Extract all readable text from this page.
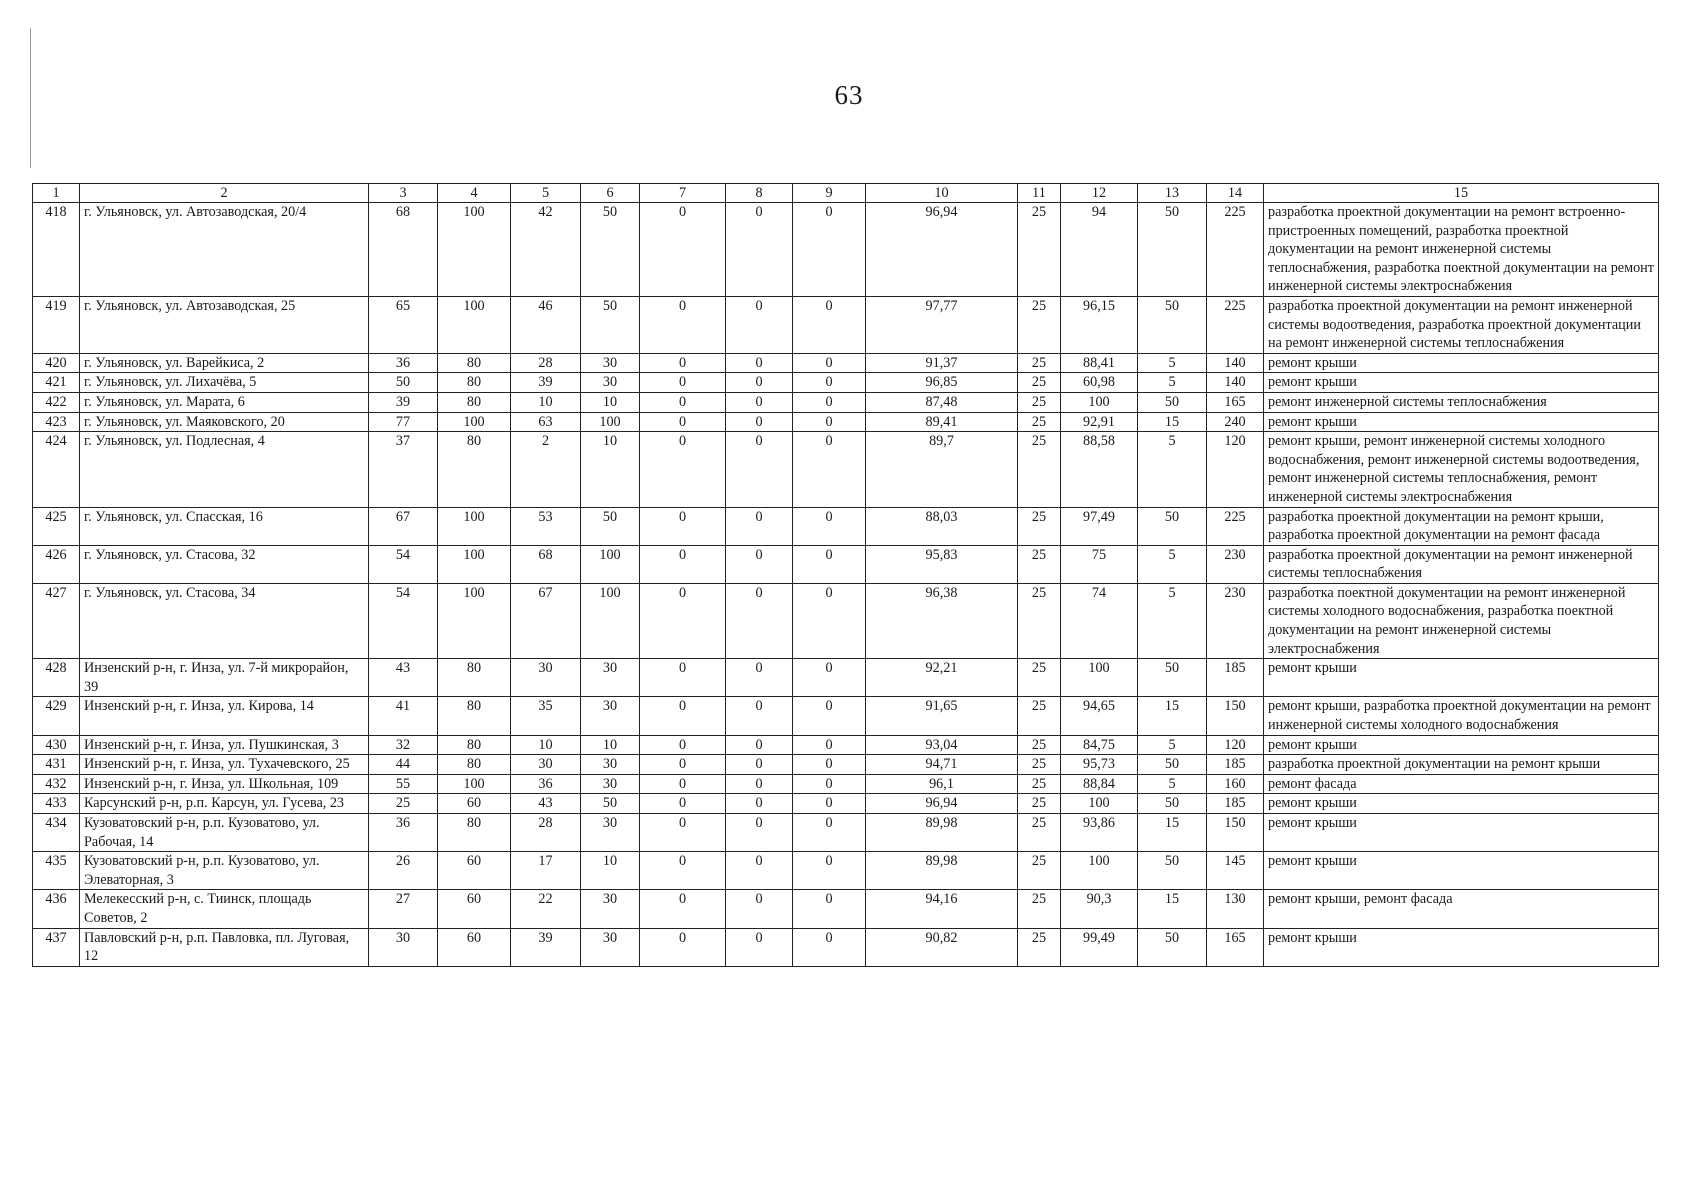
63
1	2	3	4	5	6	7	8	9	10	11	12	13	14	15
418	г. Ульяновск, ул. Автозаводская, 20/4	68	100	42	50	0	0	0	96,94	25	94	50	225	разработка проектной документации на ремонт встроенно-пристроенных помещений, разработка проектной документации на ремонт инженерной системы теплоснабжения, разработка поектной документации на ремонт инженерной системы электроснабжения
419	г. Ульяновск, ул. Автозаводская, 25	65	100	46	50	0	0	0	97,77	25	96,15	50	225	разработка проектной документации на ремонт инженерной системы водоотведения, разработка проектной документации на ремонт инженерной системы теплоснабжения
420	г. Ульяновск, ул. Варейкиса, 2	36	80	28	30	0	0	0	91,37	25	88,41	5	140	ремонт крыши
421	г. Ульяновск, ул. Лихачёва, 5	50	80	39	30	0	0	0	96,85	25	60,98	5	140	ремонт крыши
422	г. Ульяновск, ул. Марата, 6	39	80	10	10	0	0	0	87,48	25	100	50	165	ремонт инженерной системы теплоснабжения
423	г. Ульяновск, ул. Маяковского, 20	77	100	63	100	0	0	0	89,41	25	92,91	15	240	ремонт крыши
424	г. Ульяновск, ул. Подлесная, 4	37	80	2	10	0	0	0	89,7	25	88,58	5	120	ремонт крыши, ремонт инженерной системы холодного водоснабжения, ремонт инженерной системы водоотведения, ремонт инженерной системы теплоснабжения, ремонт инженерной системы электроснабжения
425	г. Ульяновск, ул. Спасская, 16	67	100	53	50	0	0	0	88,03	25	97,49	50	225	разработка проектной документации на ремонт крыши, разработка проектной документации на ремонт фасада
426	г. Ульяновск, ул. Стасова, 32	54	100	68	100	0	0	0	95,83	25	75	5	230	разработка проектной документации на ремонт инженерной системы теплоснабжения
427	г. Ульяновск, ул. Стасова, 34	54	100	67	100	0	0	0	96,38	25	74	5	230	разработка поектной документации на ремонт инженерной системы холодного водоснабжения, разработка поектной документации на ремонт инженерной системы электроснабжения
428	Инзенский р-н, г. Инза, ул. 7-й микрорайон, 39	43	80	30	30	0	0	0	92,21	25	100	50	185	ремонт крыши
429	Инзенский р-н, г. Инза, ул. Кирова, 14	41	80	35	30	0	0	0	91,65	25	94,65	15	150	ремонт крыши, разработка проектной документации на ремонт инженерной системы холодного водоснабжения
430	Инзенский р-н, г. Инза, ул. Пушкинская, 3	32	80	10	10	0	0	0	93,04	25	84,75	5	120	ремонт крыши
431	Инзенский р-н, г. Инза, ул. Тухачевского, 25	44	80	30	30	0	0	0	94,71	25	95,73	50	185	разработка проектной документации на ремонт крыши
432	Инзенский р-н, г. Инза, ул. Школьная, 109	55	100	36	30	0	0	0	96,1	25	88,84	5	160	ремонт фасада
433	Карсунский р-н, р.п. Карсун, ул. Гусева, 23	25	60	43	50	0	0	0	96,94	25	100	50	185	ремонт крыши
434	Кузоватовский р-н, р.п. Кузоватово, ул. Рабочая, 14	36	80	28	30	0	0	0	89,98	25	93,86	15	150	ремонт крыши
435	Кузоватовский р-н, р.п. Кузоватово, ул. Элеваторная, 3	26	60	17	10	0	0	0	89,98	25	100	50	145	ремонт крыши
436	Мелекесский р-н, с. Тиинск, площадь Советов, 2	27	60	22	30	0	0	0	94,16	25	90,3	15	130	ремонт крыши, ремонт фасада
437	Павловский р-н, р.п. Павловка, пл. Луговая, 12	30	60	39	30	0	0	0	90,82	25	99,49	50	165	ремонт крыши
